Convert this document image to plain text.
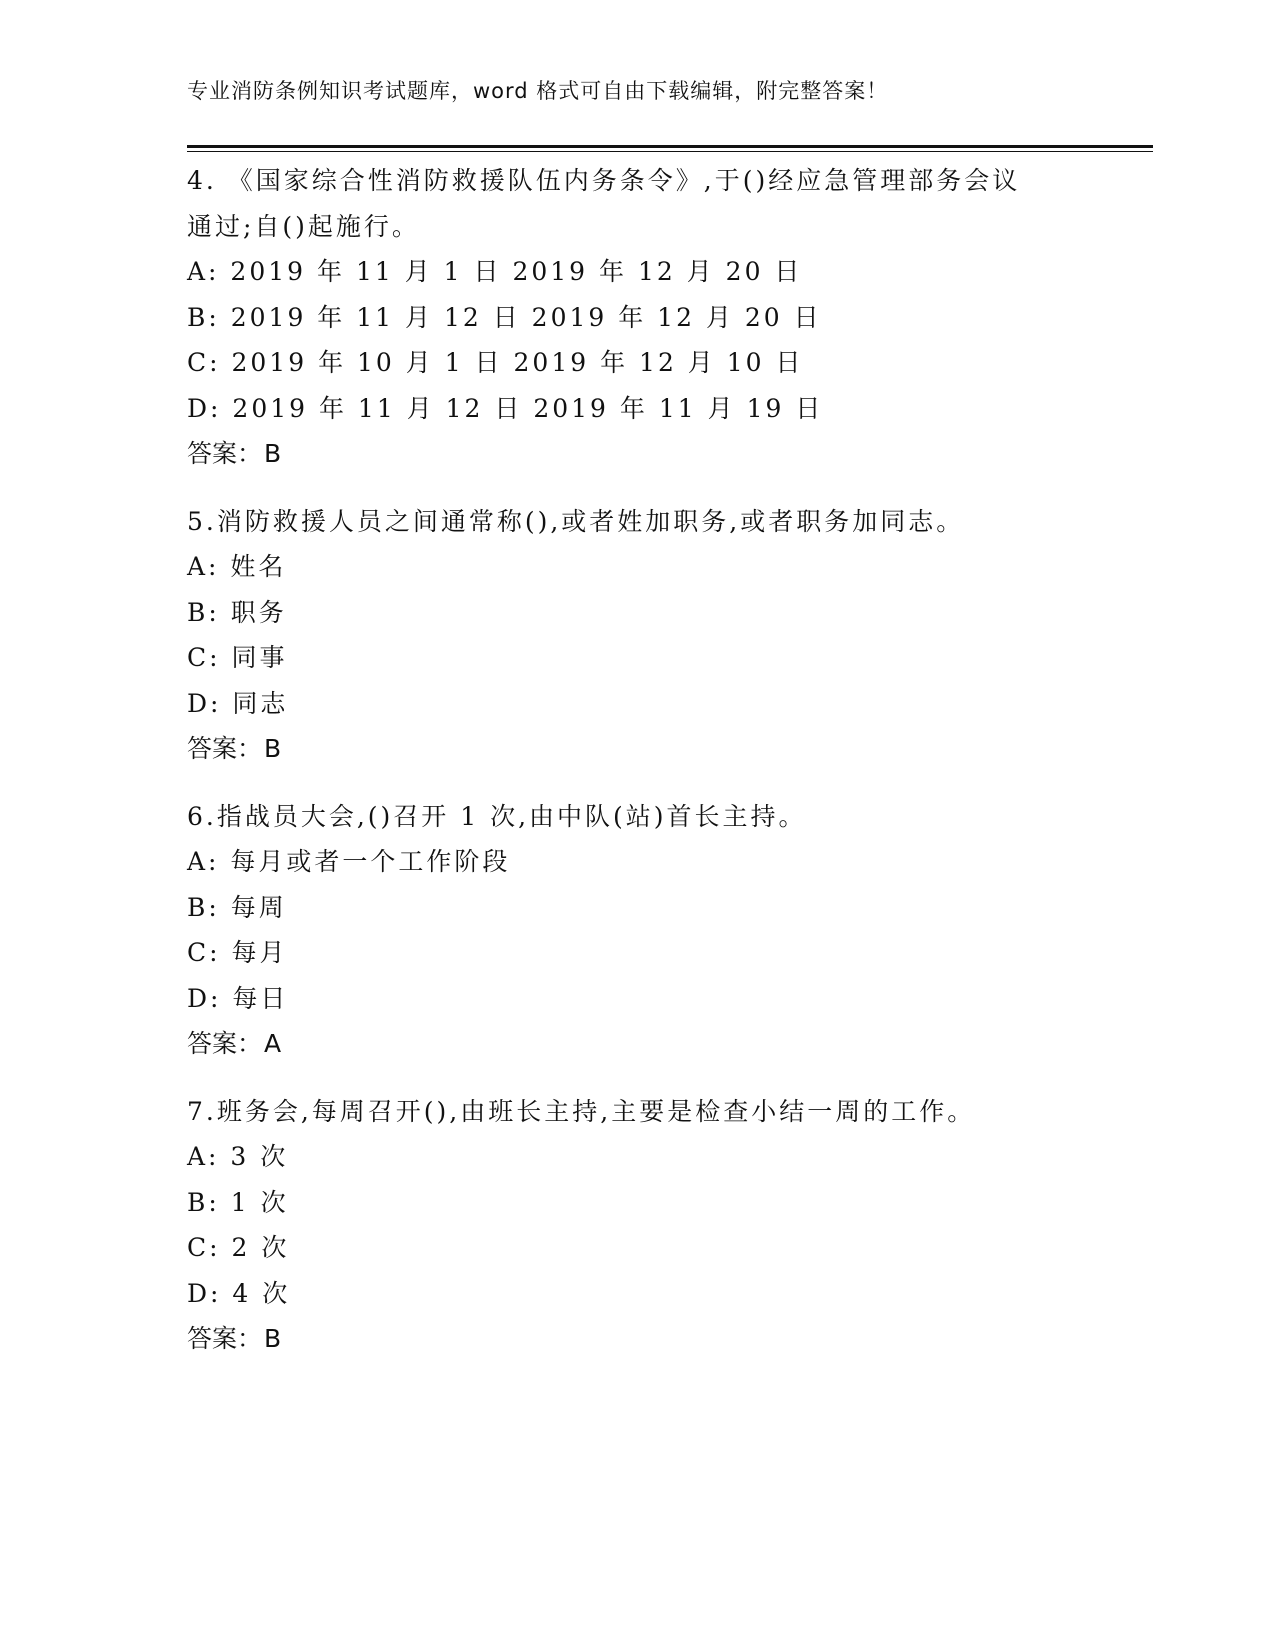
专业消防条例知识考试题库，word 格式可自由下载编辑，附完整答案！
4. 《国家综合性消防救援队伍内务条令》,于()经应急管理部务会议
通过;自()起施行。
A: 2019 年 11 月 1 日 2019 年 12 月 20 日
B: 2019 年 11 月 12 日 2019 年 12 月 20 日
C: 2019 年 10 月 1 日 2019 年 12 月 10 日
D: 2019 年 11 月 12 日 2019 年 11 月 19 日
答案：B
5.消防救援人员之间通常称(),或者姓加职务,或者职务加同志。
A: 姓名
B: 职务
C: 同事
D: 同志
答案：B
6.指战员大会,()召开 1 次,由中队(站)首长主持。
A: 每月或者一个工作阶段
B: 每周
C: 每月
D: 每日
答案：A
7.班务会,每周召开(),由班长主持,主要是检查小结一周的工作。
A: 3 次
B: 1 次
C: 2 次
D: 4 次
答案：B
